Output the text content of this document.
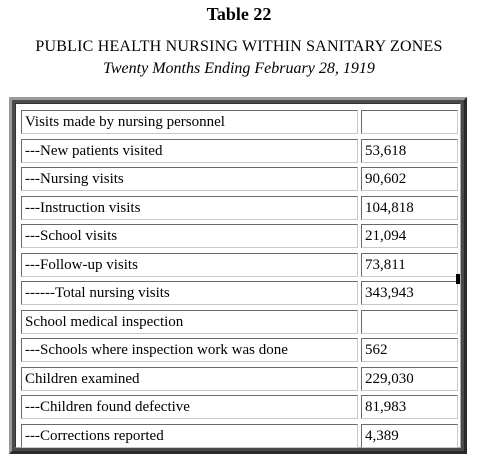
Table 22
PUBLIC HEALTH NURSING WITHIN SANITARY ZONES
Twenty Months Ending February 28, 1919
Visits made by nursing personnel
---New patients visited	53,618
---Nursing visits	90,602
---Instruction visits	104,818
---School visits	21,094
---Follow-up visits	73,811
------Total nursing visits	343,943
School medical inspection
---Schools where inspection work was done	562
Children examined	229,030
---Children found defective	81,983
---Corrections reported	4,389
